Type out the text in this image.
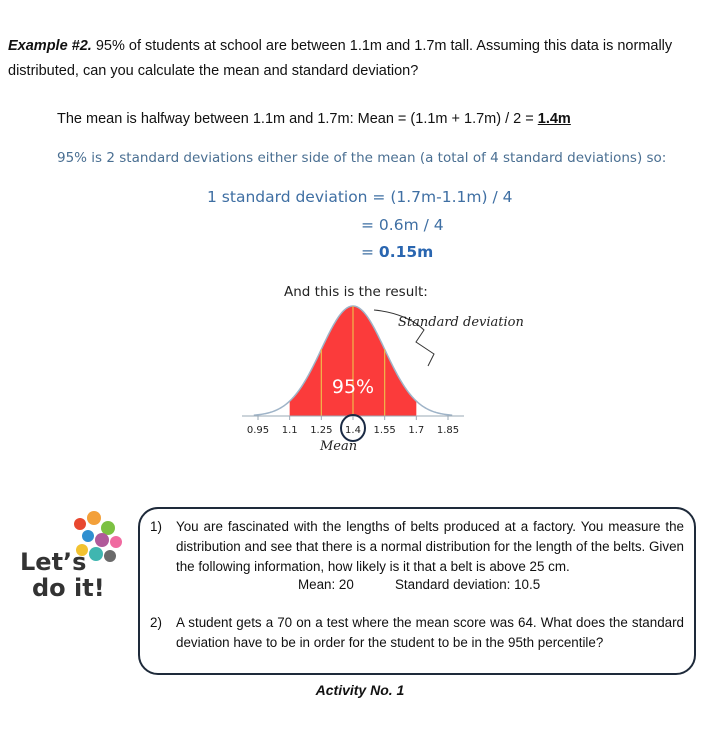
Example #2. 95% of students at school are between 1.1m and 1.7m tall. Assuming this data is normally distributed, can you calculate the mean and standard deviation?
The mean is halfway between 1.1m and 1.7m: Mean = (1.1m + 1.7m) / 2 = 1.4m
95% is 2 standard deviations either side of the mean (a total of 4 standard deviations) so:
1 standard deviation = (1.7m-1.1m) / 4
= 0.6m / 4
= 0.15m
And this is the result:
0.95 1.1 1.25 1.4 1.55 1.7 1.85
95%
Standard deviation
Mean
Let’s
do it!
1) You are fascinated with the lengths of belts produced at a factory. You measure the distribution and see that there is a normal distribution for the length of the belts. Given the following information, how likely is it that a belt is above 25 cm.
Mean: 20	Standard deviation: 10.5
2) A student gets a 70 on a test where the mean score was 64. What does the standard deviation have to be in order for the student to be in the 95th percentile?
Activity No. 1
